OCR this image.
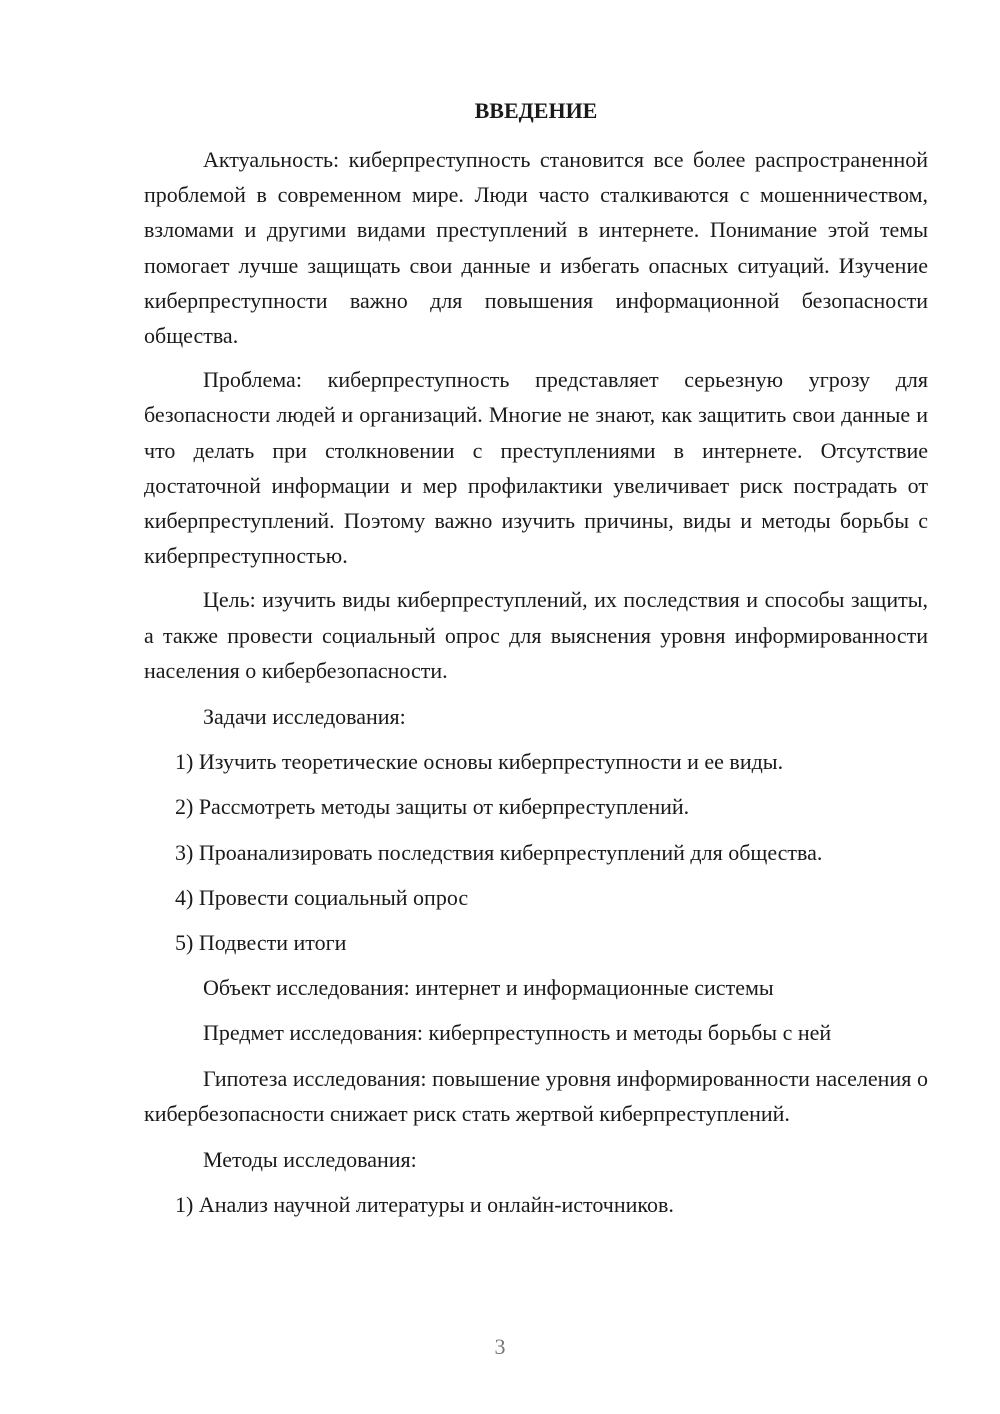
ВВЕДЕНИЕ

Актуальность: киберпреступность становится все более распространенной проблемой в современном мире. Люди часто сталкиваются с мошенничеством, взломами и другими видами преступлений в интернете. Понимание этой темы помогает лучше защищать свои данные и избегать опасных ситуаций. Изучение киберпреступности важно для повышения информационной безопасности общества.

Проблема: киберпреступность представляет серьезную угрозу для безопасности людей и организаций. Многие не знают, как защитить свои данные и что делать при столкновении с преступлениями в интернете. Отсутствие достаточной информации и мер профилактики увеличивает риск пострадать от киберпреступлений. Поэтому важно изучить причины, виды и методы борьбы с киберпреступностью.

Цель: изучить виды киберпреступлений, их последствия и способы защиты, а также провести социальный опрос для выяснения уровня информированности населения о кибербезопасности.

Задачи исследования:

1) Изучить теоретические основы киберпреступности и ее виды.

2) Рассмотреть методы защиты от киберпреступлений.

3) Проанализировать последствия киберпреступлений для общества.

4) Провести социальный опрос

5) Подвести итоги

Объект исследования: интернет и информационные системы

Предмет исследования: киберпреступность и методы борьбы с ней

Гипотеза исследования: повышение уровня информированности населения о кибербезопасности снижает риск стать жертвой киберпреступлений.

Методы исследования:

1) Анализ научной литературы и онлайн-источников.

3
